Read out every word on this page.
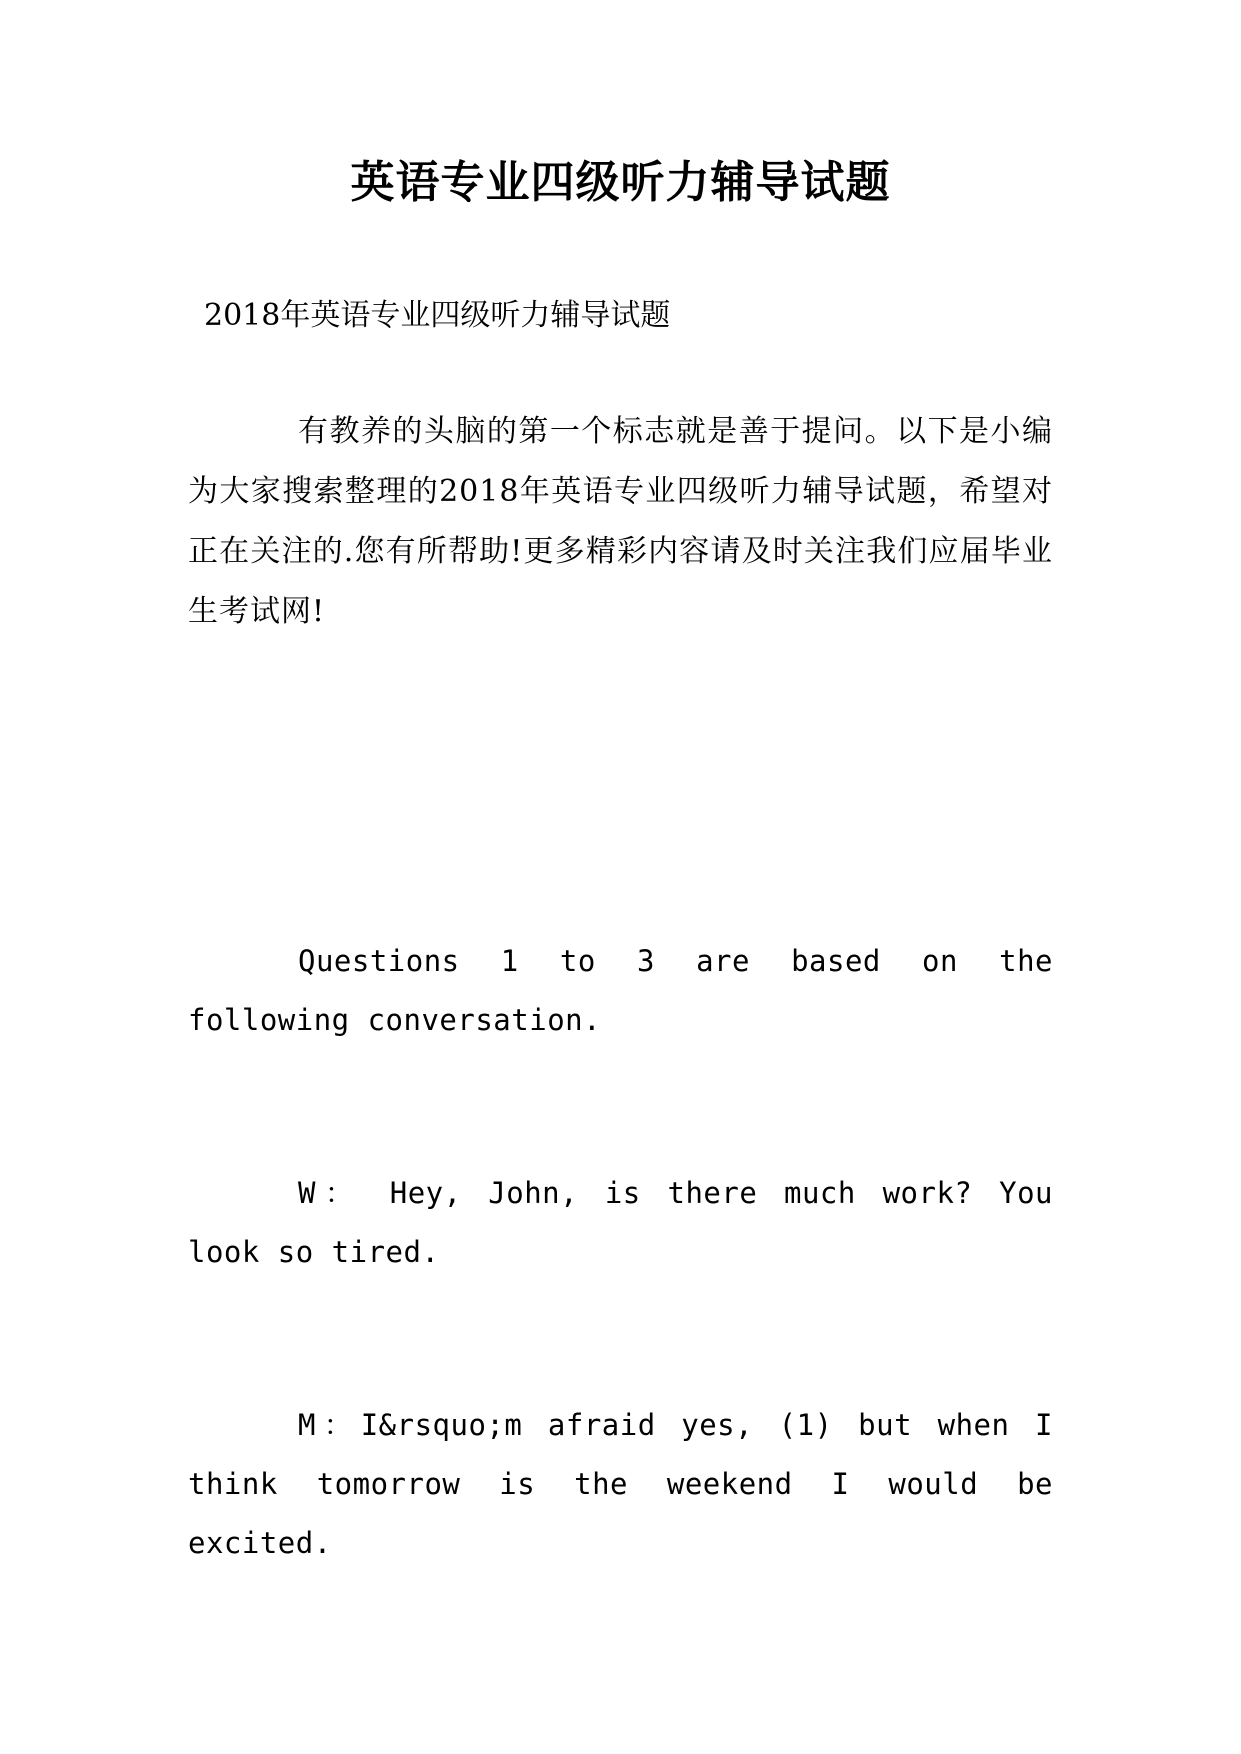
英语专业四级听力辅导试题
2018年英语专业四级听力辅导试题
有教养的头脑的第一个标志就是善于提问。以下是小编为大家搜索整理的2018年英语专业四级听力辅导试题，希望对正在关注的.您有所帮助!更多精彩内容请及时关注我们应届毕业生考试网!
Questions 1 to 3 are based on the following conversation.
W： Hey, John, is there much work? You look so tired.
M：I&rsquo;m afraid yes, (1) but when I think tomorrow is the weekend I would be excited.
